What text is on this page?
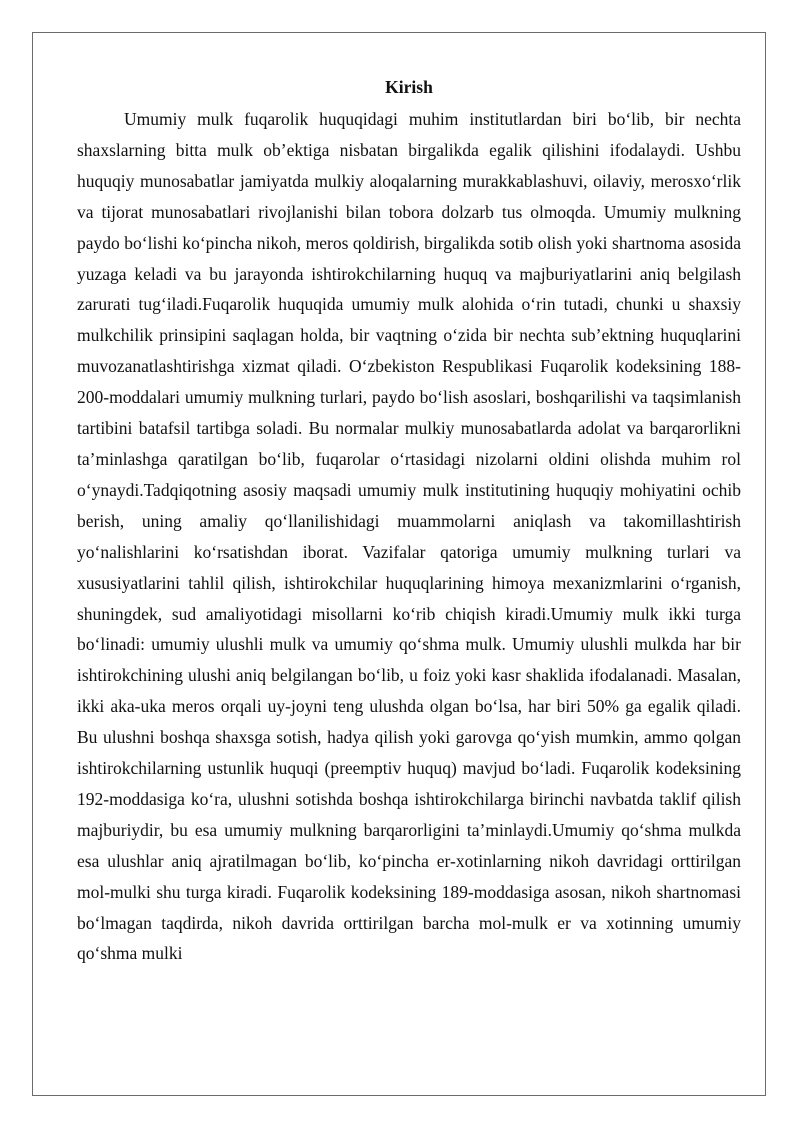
Kirish

Umumiy mulk fuqarolik huquqidagi muhim institutlardan biri bo‘lib, bir nechta shaxslarning bitta mulk ob’ektiga nisbatan birgalikda egalik qilishini ifodalaydi. Ushbu huquqiy munosabatlar jamiyatda mulkiy aloqalarning murakkablashuvi, oilaviy, merosxo‘rlik va tijorat munosabatlari rivojlanishi bilan tobora dolzarb tus olmoqda. Umumiy mulkning paydo bo‘lishi ko‘pincha nikoh, meros qoldirish, birgalikda sotib olish yoki shartnoma asosida yuzaga keladi va bu jarayonda ishtirokchilarning huquq va majburiyatlarini aniq belgilash zarurati tug‘iladi.Fuqarolik huquqida umumiy mulk alohida o‘rin tutadi, chunki u shaxsiy mulkchilik prinsipini saqlagan holda, bir vaqtning o‘zida bir nechta sub’ektning huquqlarini muvozanatlashtirishga xizmat qiladi. O‘zbekiston Respublikasi Fuqarolik kodeksining 188-200-moddalari umumiy mulkning turlari, paydo bo‘lish asoslari, boshqarilishi va taqsimlanish tartibini batafsil tartibga soladi. Bu normalar mulkiy munosabatlarda adolat va barqarorlikni ta’minlashga qaratilgan bo‘lib, fuqarolar o‘rtasidagi nizolarni oldini olishda muhim rol o‘ynaydi.Tadqiqotning asosiy maqsadi umumiy mulk institutining huquqiy mohiyatini ochib berish, uning amaliy qo‘llanilishidagi muammolarni aniqlash va takomillashtirish yo‘nalishlarini ko‘rsatishdan iborat. Vazifalar qatoriga umumiy mulkning turlari va xususiyatlarini tahlil qilish, ishtirokchilar huquqlarining himoya mexanizmlarini o‘rganish, shuningdek, sud amaliyotidagi misollarni ko‘rib chiqish kiradi.Umumiy mulk ikki turga bo‘linadi: umumiy ulushli mulk va umumiy qo‘shma mulk. Umumiy ulushli mulkda har bir ishtirokchining ulushi aniq belgilangan bo‘lib, u foiz yoki kasr shaklida ifodalanadi. Masalan, ikki aka-uka meros orqali uy-joyni teng ulushda olgan bo‘lsa, har biri 50% ga egalik qiladi. Bu ulushni boshqa shaxsga sotish, hadya qilish yoki garovga qo‘yish mumkin, ammo qolgan ishtirokchilarning ustunlik huquqi (preemptiv huquq) mavjud bo‘ladi. Fuqarolik kodeksining 192-moddasiga ko‘ra, ulushni sotishda boshqa ishtirokchilarga birinchi navbatda taklif qilish majburiydir, bu esa umumiy mulkning barqarorligini ta’minlaydi.Umumiy qo‘shma mulkda esa ulushlar aniq ajratilmagan bo‘lib, ko‘pincha er-xotinlarning nikoh davridagi orttirilgan mol-mulki shu turga kiradi. Fuqarolik kodeksining 189-moddasiga asosan, nikoh shartnomasi bo‘lmagan taqdirda, nikoh davrida orttirilgan barcha mol-mulk er va xotinning umumiy qo‘shma mulki
